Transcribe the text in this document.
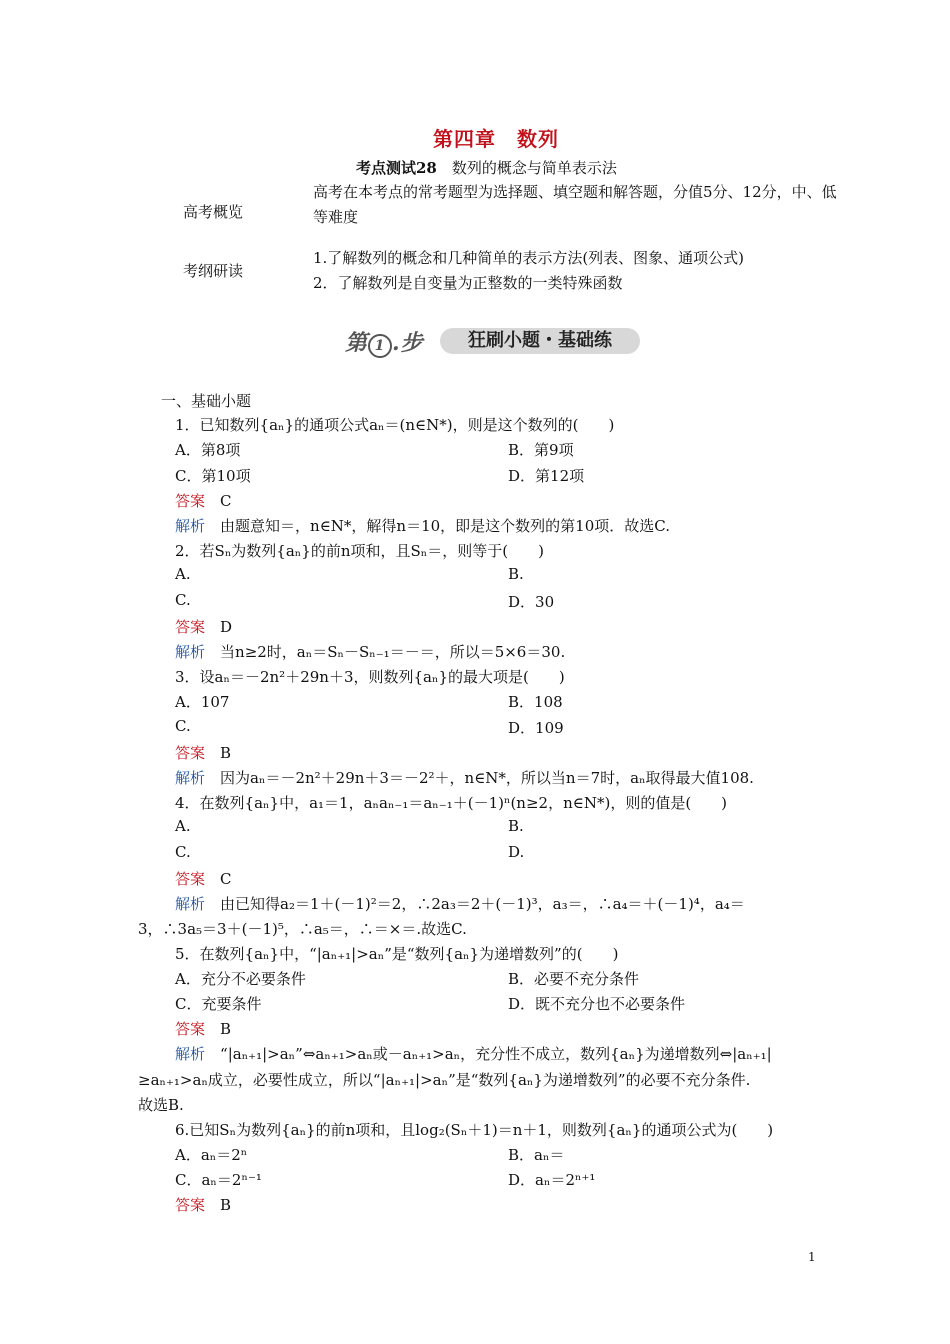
第四章　数列
考点测试28　 数列的概念与简单表示法
高考概览
高考在本考点的常考题型为选择题、填空题和解答题，分值5分、12分，中、低等难度
考纲研读
1.了解数列的概念和几种简单的表示方法(列表、图象、通项公式)
2．了解数列是自变量为正整数的一类特殊函数
第 1 .步	狂刷小题・基础练
一、基础小题
1．已知数列{aₙ}的通项公式aₙ＝(n∈N*)，则是这个数列的(　　)
A．第8项	B．第9项
C．第10项	D．第12项
答案　 C
解析　 由题意知＝，n∈N*，解得n＝10，即是这个数列的第10项．故选C.
2．若Sₙ为数列{aₙ}的前n项和，且Sₙ＝，则等于(　　)
A.	B.
C.	D．30
答案　 D
解析　 当n≥2时，aₙ＝Sₙ－Sₙ₋₁＝－＝，所以＝5×6＝30.
3．设aₙ＝－2n²＋29n＋3，则数列{aₙ}的最大项是(　　)
A．107	B．108
C.	D．109
答案　 B
解析　 因为aₙ＝－2n²＋29n＋3＝－2²＋，n∈N*，所以当n＝7时，aₙ取得最大值108.
4．在数列{aₙ}中，a₁＝1，aₙaₙ₋₁＝aₙ₋₁＋(－1)ⁿ(n≥2，n∈N*)，则的值是(　　)
A.	B.
C.	D.
答案　 C
解析　 由已知得a₂＝1＋(－1)²＝2，∴2a₃＝2＋(－1)³，a₃＝，∴a₄＝＋(－1)⁴，a₄＝
3，∴3a₅＝3＋(－1)⁵，∴a₅＝，∴＝×＝.故选C.
5．在数列{aₙ}中，“|aₙ₊₁|>aₙ”是“数列{aₙ}为递增数列”的(　　)
A．充分不必要条件	B．必要不充分条件
C．充要条件	D．既不充分也不必要条件
答案　 B
解析　 “|aₙ₊₁|>aₙ”⇔aₙ₊₁>aₙ或－aₙ₊₁>aₙ，充分性不成立，数列{aₙ}为递增数列⇔|aₙ₊₁|
≥aₙ₊₁>aₙ成立，必要性成立，所以“|aₙ₊₁|>aₙ”是“数列{aₙ}为递增数列”的必要不充分条件.
故选B.
6.已知Sₙ为数列{aₙ}的前n项和，且log₂(Sₙ＋1)＝n＋1，则数列{aₙ}的通项公式为(　　)
A．aₙ＝2ⁿ	B．aₙ＝
C．aₙ＝2ⁿ⁻¹	D．aₙ＝2ⁿ⁺¹
答案　 B
1
